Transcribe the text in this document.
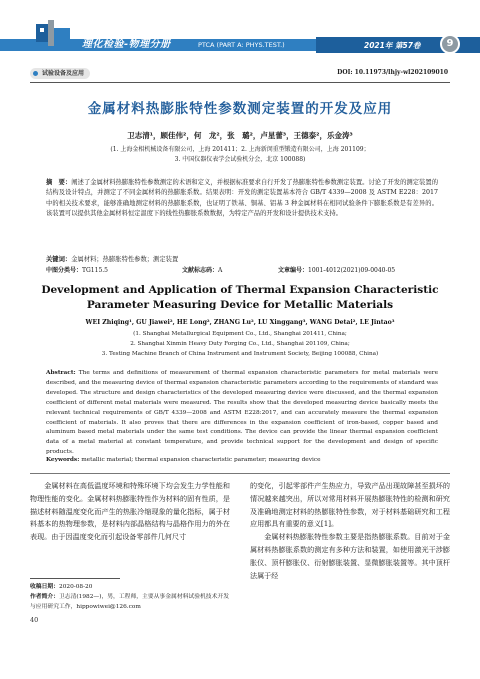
理化检验-物理分册	PTCA (PART A: PHYS.TEST.)	2021年 第57卷	9
试验设备及应用	DOI: 10.11973/lhjy-wl202109010
金属材料热膨胀特性参数测定装置的开发及应用
卫志清¹，顾佳伟²，何　龙²，张　璐²，卢星蕾³，王德泰²，乐金涛³
(1. 上海金相机械设备有限公司，上海 201411；2. 上海新闵重型锻造有限公司，上海 201109；
3. 中国仪器仪表学会试验机分会，北京 100088)
摘　要：阐述了金属材料热膨胀特性参数测定的术语和定义，并根据标准要求自行开发了热膨胀特性参数测定装置。讨论了开发的测定装置的结构及设计特点，并测定了不同金属材料的热膨胀系数。结果表明：开发的测定装置基本符合 GB/T 4339—2008 及 ASTM E228：2017 中的相关技术要求，能够准确地测定材料的热膨胀系数，也证明了铁基、铜基、铝基 3 种金属材料在相同试验条件下膨胀系数是有差异的。该装置可以提供其他金属材料恒定温度下的线性热膨胀系数数据，为特定产品的开发和设计提供技术支持。
关键词：金属材料；热膨胀特性参数；测定装置
中图分类号：TG115.5	文献标志码：A	文章编号：1001-4012(2021)09-0040-05
Development and Application of Thermal Expansion Characteristic Parameter Measuring Device for Metallic Materials
WEI Zhiqing¹, GU Jiawei², HE Long², ZHANG Lu², LU Xinggang³, WANG Detai², LE Jintao³
(1. Shanghai Metallurgical Equipment Co., Ltd., Shanghai 201411, China;
2. Shanghai Xinmin Heavy Duty Forging Co., Ltd., Shanghai 201109, China;
3. Testing Machine Branch of China Instrument and Instrument Society, Beijing 100088, China)
Abstract: The terms and definitions of measurement of thermal expansion characteristic parameters for metal materials were described, and the measuring device of thermal expansion characteristic parameters according to the requirements of standard was developed. The structure and design characteristics of the developed measuring device were discussed, and the thermal expansion coefficient of different metal materials were measured. The results show that the developed measuring device basically meets the relevant technical requirements of GB/T 4339—2008 and ASTM E228:2017, and can accurately measure the thermal expansion coefficient of materials. It also proves that there are differences in the expansion coefficient of iron-based, copper based and aluminum based metal materials under the same test conditions. The device can provide the linear thermal expansion coefficient data of a metal material at constant temperature, and provide technical support for the development and design of specific products.
Keywords: metallic material; thermal expansion characteristic parameter; measuring device

金属材料在高低温度环境和特殊环境下均会发生力学性能和物理性能的变化。金属材料热膨胀特性作为材料的固有性质，是描述材料随温度变化而产生的热胀冷缩现象的量化指标，属于材料基本的热物理参数，是材料内部晶格结构与晶格作用力的外在表现。由于因温度变化而引起设备零部件几何尺寸

的变化，引起零部件产生热应力，导致产品出现故障甚至损坏的情况越来越突出，所以对常用材料开展热膨胀特性的检测和研究及准确地测定材料的热膨胀特性参数，对于材料基础研究和工程应用都具有重要的意义[1]。

金属材料热膨胀特性参数主要是指热膨胀系数。目前对于金属材料热膨胀系数的测定有多种方法和装置，如使用激光干涉膨胀仪、顶杆膨胀仪、衍射膨胀装置、显微膨胀装置等。其中顶杆法属于经

收稿日期：2020-08-20
作者简介：卫志清(1982—)，男，工程师，主要从事金属材料试验机技术开发与应用研究工作，hippowiwei@126.com
40
